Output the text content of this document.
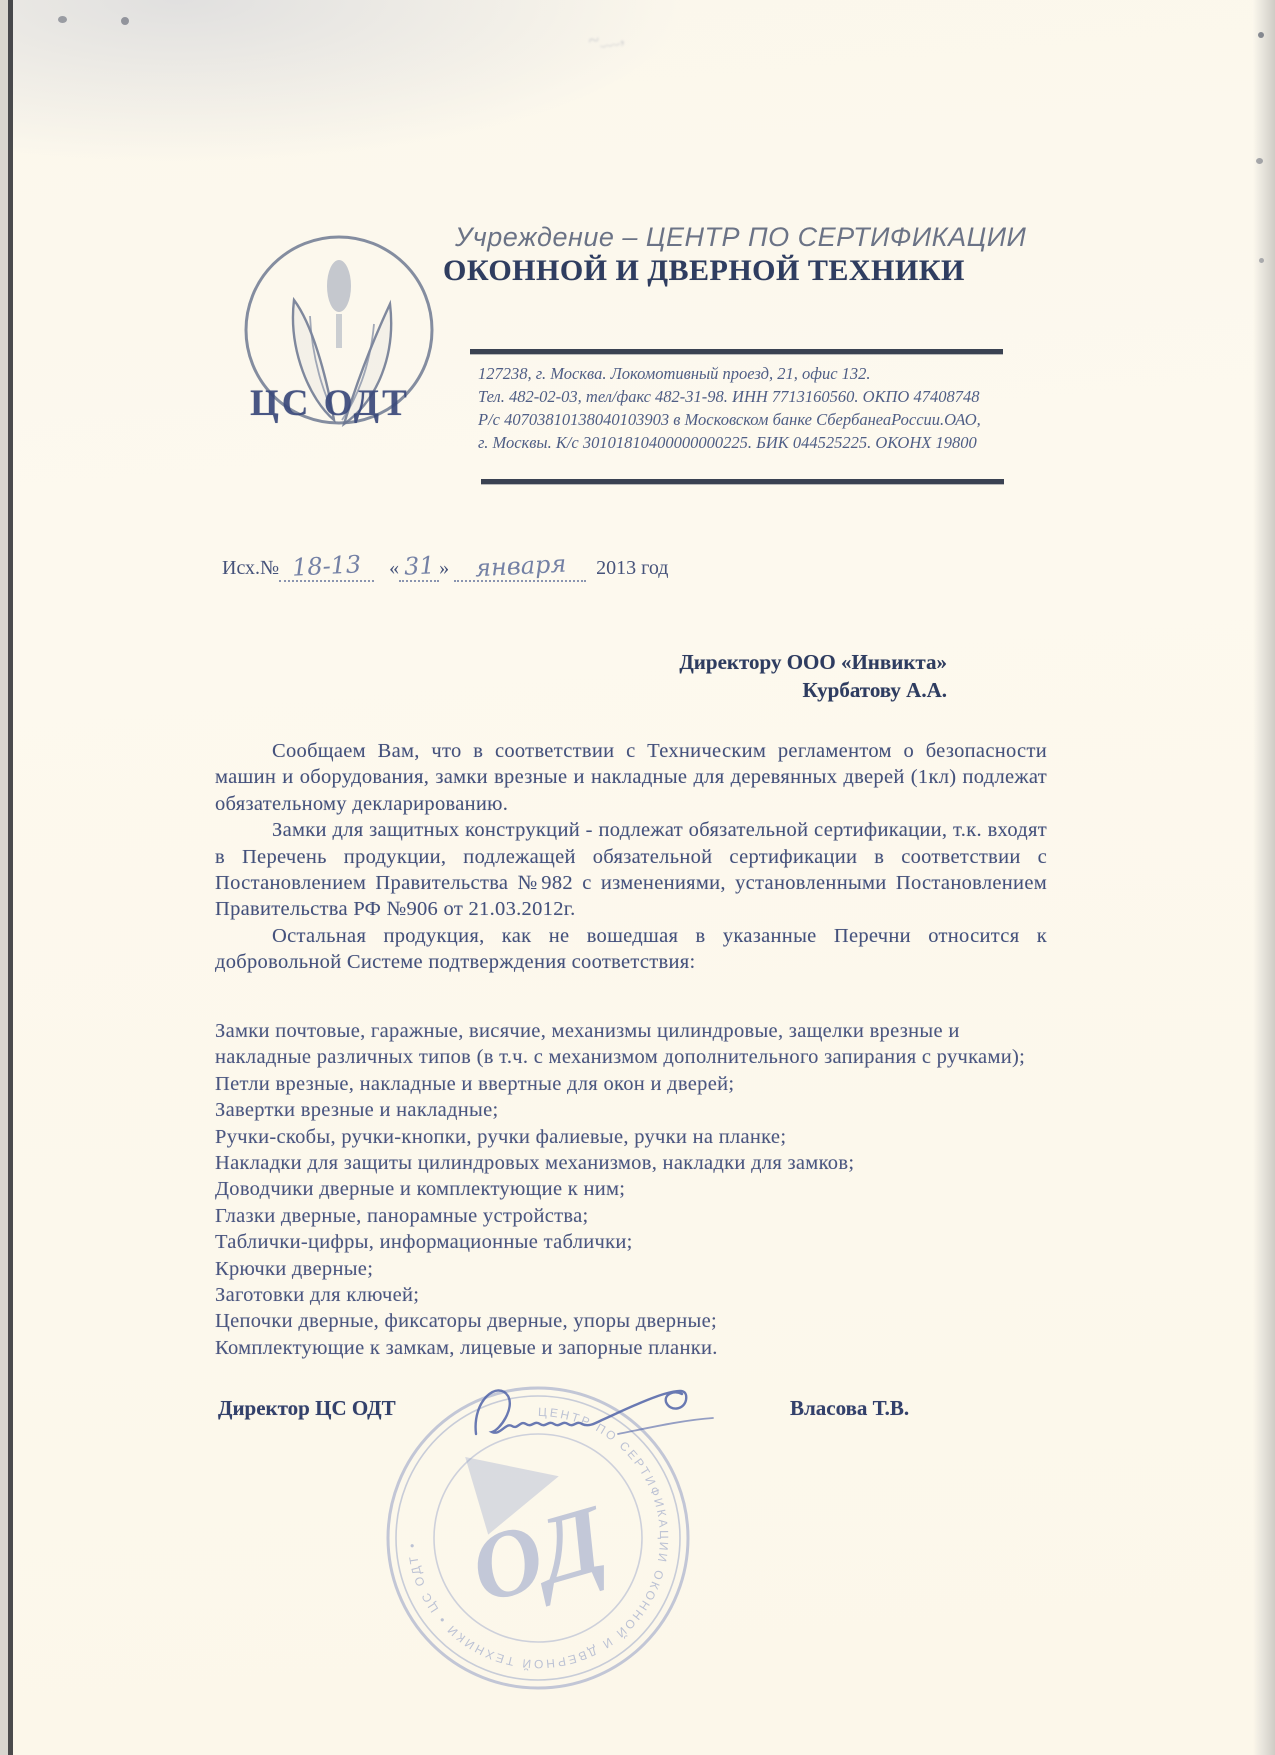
~﹏,
ЦС ОДТ
Учреждение – ЦЕНТР ПО СЕРТИФИКАЦИИ
ОКОННОЙ И ДВЕРНОЙ ТЕХНИКИ
127238, г. Москва. Локомотивный проезд, 21, офис 132.
Тел. 482-02-03, тел/факс 482-31-98. ИНН 7713160560. ОКПО 47408748
Р/с 40703810138040103903 в Московском банке СбербанеаРоссии.ОАО,
г. Москвы. К/с 30101810400000000225. БИК 044525225. ОКОНХ 19800
Исх.№ 18-13 « 31 » января 2013 год
Директору ООО «Инвикта»
Курбатову А.А.

Сообщаем Вам, что в соответствии с Техническим регламентом о безопасности машин и оборудования, замки врезные и накладные для деревянных дверей (1кл) подлежат обязательному декларированию.

Замки для защитных конструкций - подлежат обязательной сертификации, т.к. входят в Перечень продукции, подлежащей обязательной сертификации в соответствии с Постановлением Правительства №982 с изменениями, установленными Постановлением Правительства РФ №906 от 21.03.2012г.

Остальная продукция, как не вошедшая в указанные Перечни относится к добровольной Системе подтверждения соответствия:

Замки почтовые, гаражные, висячие, механизмы цилиндровые, защелки врезные и накладные различных типов (в т.ч. с механизмом дополнительного запирания с ручками);
Петли врезные, накладные и ввертные для окон и дверей;
Завертки врезные и накладные;
Ручки-скобы, ручки-кнопки, ручки фалиевые, ручки на планке;
Накладки для защиты цилиндровых механизмов, накладки для замков;
Доводчики дверные и комплектующие к ним;
Глазки дверные, панорамные устройства;
Таблички-цифры, информационные таблички;
Крючки дверные;
Заготовки для ключей;
Цепочки дверные, фиксаторы дверные, упоры дверные;
Комплектующие к замкам, лицевые и запорные планки.
ЦЕНТР ПО СЕРТИФИКАЦИИ ОКОННОЙ И ДВЕРНОЙ ТЕХНИКИ • ЦС ОДТ • ОД
Директор ЦС ОДТ	Власова Т.В.
